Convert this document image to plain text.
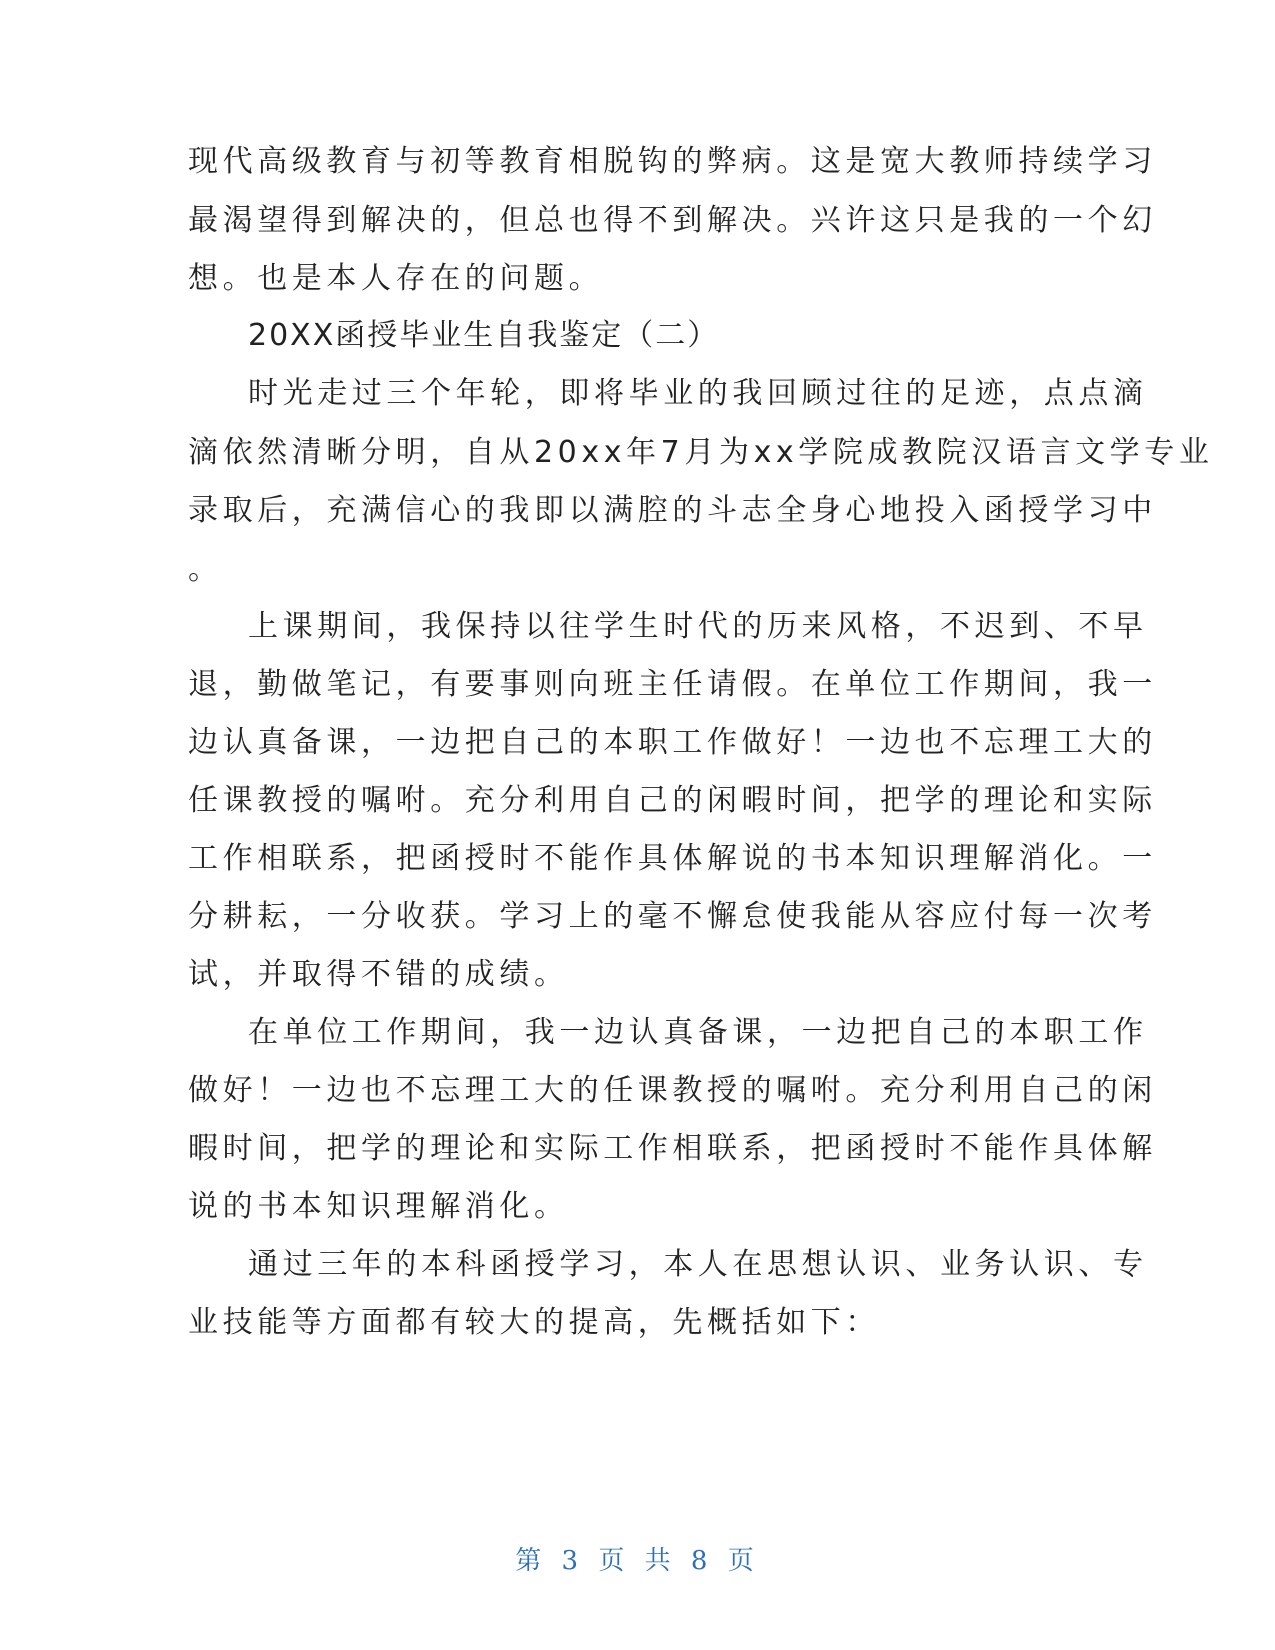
现代高级教育与初等教育相脱钩的弊病。这是宽大教师持续学习
最渴望得到解决的，但总也得不到解决。兴许这只是我的一个幻
想。也是本人存在的问题。
20XX函授毕业生自我鉴定（二）
时光走过三个年轮，即将毕业的我回顾过往的足迹，点点滴
滴依然清晰分明，自从20xx年7月为xx学院成教院汉语言文学专业
录取后，充满信心的我即以满腔的斗志全身心地投入函授学习中
。
上课期间，我保持以往学生时代的历来风格，不迟到、不早
退，勤做笔记，有要事则向班主任请假。在单位工作期间，我一
边认真备课，一边把自己的本职工作做好！一边也不忘理工大的
任课教授的嘱咐。充分利用自己的闲暇时间，把学的理论和实际
工作相联系，把函授时不能作具体解说的书本知识理解消化。一
分耕耘，一分收获。学习上的毫不懈怠使我能从容应付每一次考
试，并取得不错的成绩。
在单位工作期间，我一边认真备课，一边把自己的本职工作
做好！一边也不忘理工大的任课教授的嘱咐。充分利用自己的闲
暇时间，把学的理论和实际工作相联系，把函授时不能作具体解
说的书本知识理解消化。
通过三年的本科函授学习，本人在思想认识、业务认识、专
业技能等方面都有较大的提高，先概括如下：
第 3 页 共 8 页
